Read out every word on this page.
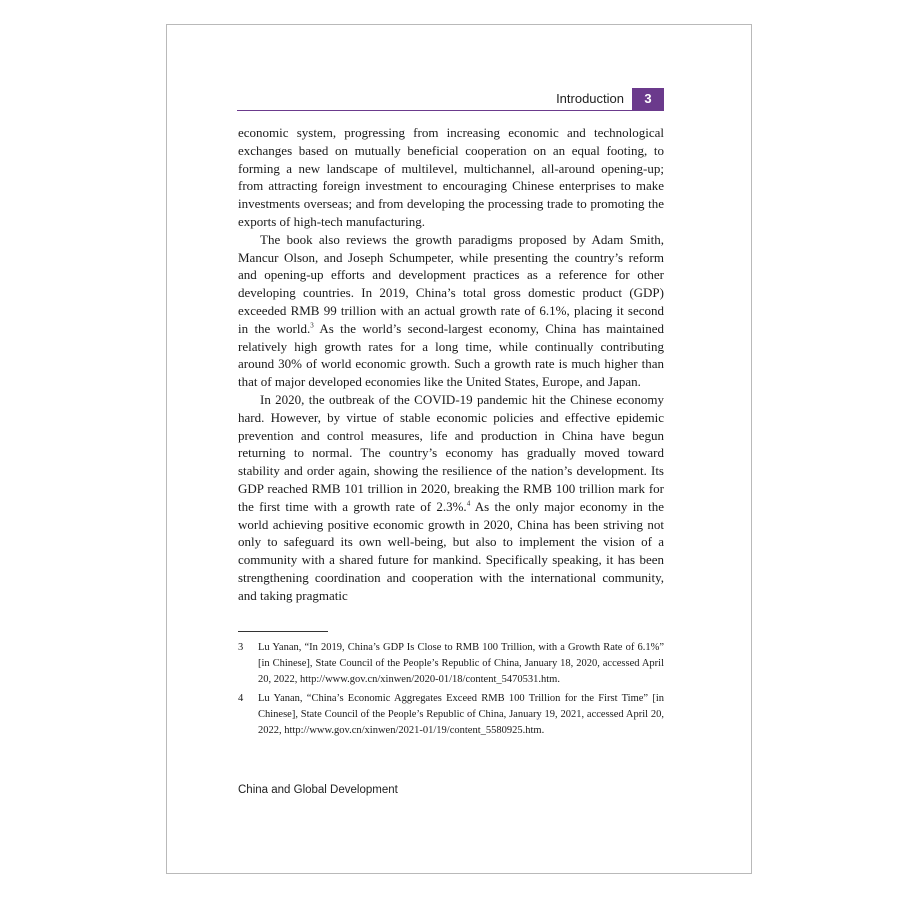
Introduction	3

economic system, progressing from increasing economic and technological exchanges based on mutually beneficial cooperation on an equal footing, to forming a new landscape of multilevel, multichannel, all-around opening-up; from attracting foreign investment to encouraging Chinese enterprises to make investments overseas; and from developing the processing trade to promoting the exports of high-tech manufacturing.

The book also reviews the growth paradigms proposed by Adam Smith, Mancur Olson, and Joseph Schumpeter, while presenting the country’s reform and opening-up efforts and development practices as a reference for other developing countries. In 2019, China’s total gross domestic product (GDP) exceeded RMB 99 trillion with an actual growth rate of 6.1%, placing it second in the world.$^3$ As the world’s second-largest economy, China has maintained relatively high growth rates for a long time, while continually contributing around 30% of world economic growth. Such a growth rate is much higher than that of major developed economies like the United States, Europe, and Japan.

In 2020, the outbreak of the COVID-19 pandemic hit the Chinese economy hard. However, by virtue of stable economic policies and effective epidemic prevention and control measures, life and production in China have begun returning to normal. The country’s economy has gradually moved toward stability and order again, showing the resilience of the nation’s development. Its GDP reached RMB 101 trillion in 2020, breaking the RMB 100 trillion mark for the first time with a growth rate of 2.3%.$^4$ As the only major economy in the world achieving positive economic growth in 2020, China has been striving not only to safeguard its own well-being, but also to implement the vision of a community with a shared future for mankind. Specifically speaking, it has been strengthening coordination and cooperation with the international community, and taking pragmatic

3 Lu Yanan, “In 2019, China’s GDP Is Close to RMB 100 Trillion, with a Growth Rate of 6.1%” [in Chinese], State Council of the People’s Republic of China, January 18, 2020, accessed April 20, 2022, http://www.gov.cn/xinwen/2020-01/18/content_5470531.htm.
4 Lu Yanan, “China’s Economic Aggregates Exceed RMB 100 Trillion for the First Time” [in Chinese], State Council of the People’s Republic of China, January 19, 2021, accessed April 20, 2022, http://www.gov.cn/xinwen/2021-01/19/content_5580925.htm.
China and Global Development
